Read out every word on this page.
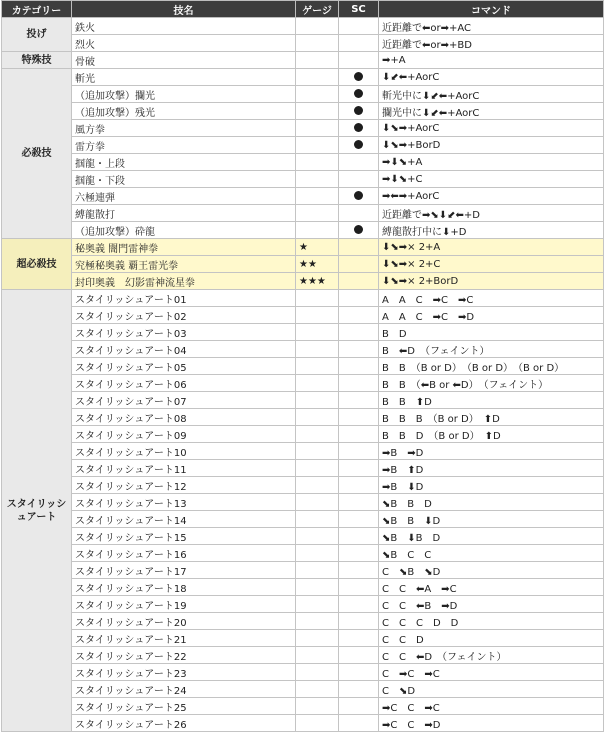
カテゴリー	技名	ゲージ	SC	コマンド
投げ	鉄火			近距離で⬅or➡+AC
	烈火			近距離で⬅or➡+BD
特殊技	骨破			➡+A
必殺技	斬光			⬇⬋⬅+AorC
	（追加攻撃）攔光			斬光中に⬇⬋⬅+AorC
	（追加攻撃）残光			攔光中に⬇⬋⬅+AorC
	風方拳			⬇⬊➡+AorC
	雷方拳			⬇⬊➡+BorD
	掴龍・上段			➡⬇⬊+A
	掴龍・下段			➡⬇⬊+C
	六極連弾			➡⬅➡+AorC
	縛龍散打			近距離で➡⬊⬇⬋⬅+D
	（追加攻撃）砕龍			縛龍散打中に⬇+D
超必殺技	秘奥義 闇門雷神拳	★		⬇⬊➡× 2+A
	究極秘奥義 覇王雷光拳	★★		⬇⬊➡× 2+C
	封印奥義　幻影雷神流星拳	★★★		⬇⬊➡× 2+BorD
スタイリッシュアート	スタイリッシュアート01			A　A　C　➡C　➡C
	スタイリッシュアート02			A　A　C　➡C　➡D
	スタイリッシュアート03			B　D
	スタイリッシュアート04			B　⬅D　（フェイント）
	スタイリッシュアート05			B　B　（B or D）　（B or D）　（B or D）
	スタイリッシュアート06			B　B　（⬅B or ⬅D）　（フェイント）
	スタイリッシュアート07			B　B　⬆D
	スタイリッシュアート08			B　B　B　（B or D）　⬆D
	スタイリッシュアート09			B　B　D　（B or D）　⬆D
	スタイリッシュアート10			➡B　➡D
	スタイリッシュアート11			➡B　⬆D
	スタイリッシュアート12			➡B　⬇D
	スタイリッシュアート13			⬊B　B　D
	スタイリッシュアート14			⬊B　B　⬇D
	スタイリッシュアート15			⬊B　⬇B　D
	スタイリッシュアート16			⬊B　C　C
	スタイリッシュアート17			C　⬊B　⬊D
	スタイリッシュアート18			C　C　⬅A　➡C
	スタイリッシュアート19			C　C　⬅B　➡D
	スタイリッシュアート20			C　C　C　D　D
	スタイリッシュアート21			C　C　D
	スタイリッシュアート22			C　C　⬅D　（フェイント）
	スタイリッシュアート23			C　➡C　➡C
	スタイリッシュアート24			C　⬊D
	スタイリッシュアート25			➡C　C　➡C
	スタイリッシュアート26			➡C　C　➡D
